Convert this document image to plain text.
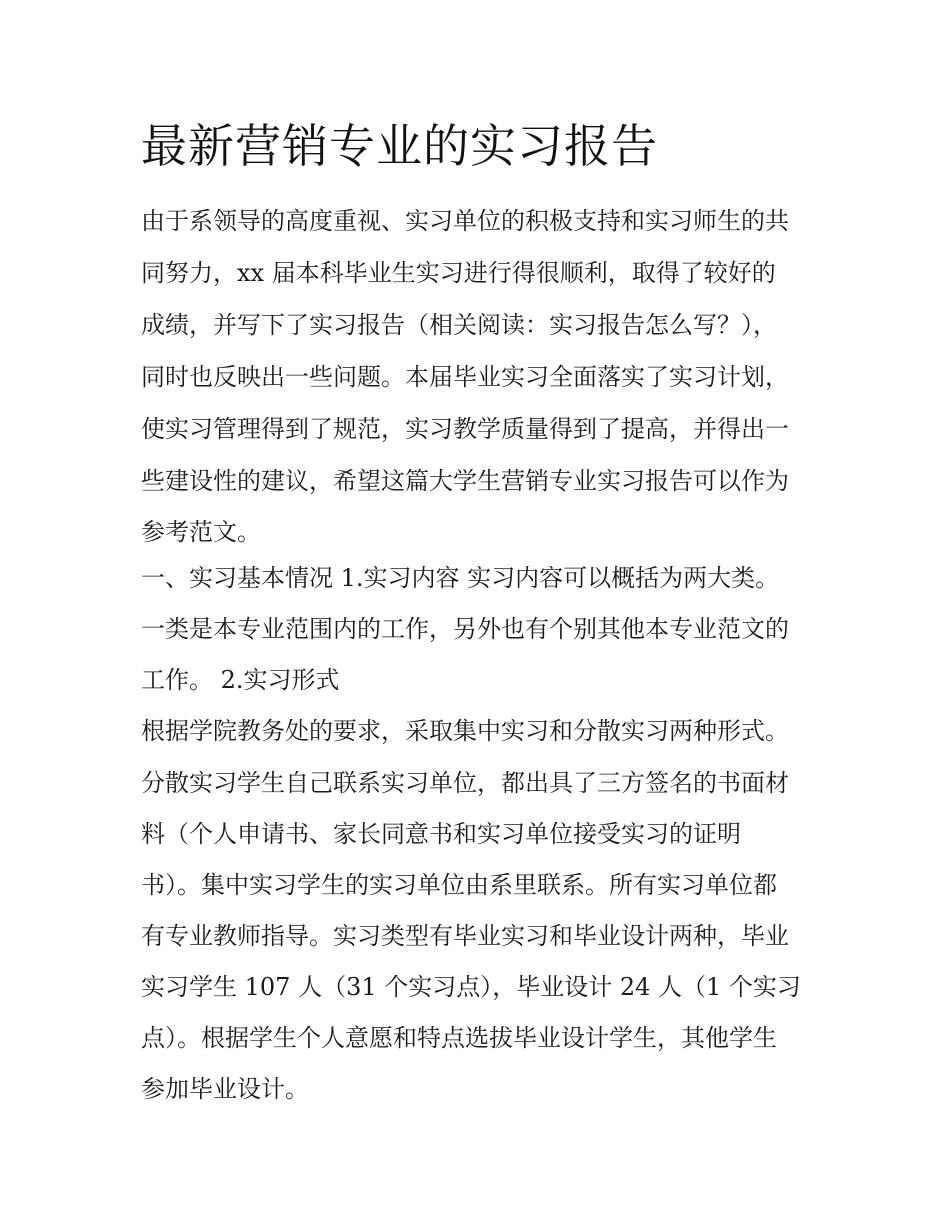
最新营销专业的实习报告
由于系领导的高度重视、实习单位的积极支持和实习师生的共
同努力，xx 届本科毕业生实习进行得很顺利，取得了较好的
成绩，并写下了实习报告（相关阅读：实习报告怎么写？），
同时也反映出一些问题。本届毕业实习全面落实了实习计划，
使实习管理得到了规范，实习教学质量得到了提高，并得出一
些建设性的建议，希望这篇大学生营销专业实习报告可以作为
参考范文。
一、实习基本情况 1.实习内容 实习内容可以概括为两大类。
一类是本专业范围内的工作，另外也有个别其他本专业范文的
工作。 2.实习形式
根据学院教务处的要求，采取集中实习和分散实习两种形式。
分散实习学生自己联系实习单位，都出具了三方签名的书面材
料（个人申请书、家长同意书和实习单位接受实习的证明
书）。集中实习学生的实习单位由系里联系。所有实习单位都
有专业教师指导。实习类型有毕业实习和毕业设计两种，毕业
实习学生 107 人（31 个实习点），毕业设计 24 人（1 个实习
点）。根据学生个人意愿和特点选拔毕业设计学生，其他学生
参加毕业设计。
